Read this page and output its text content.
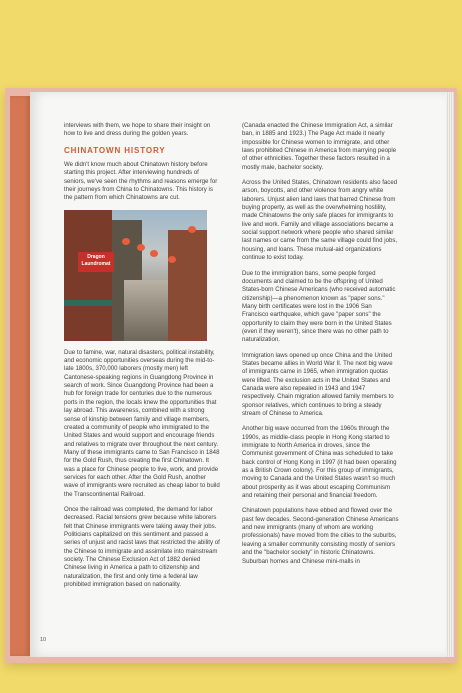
interviews with them, we hope to share their insight on how to live and dress during the golden years.

CHINATOWN HISTORY

We didn't know much about Chinatown history before starting this project. After interviewing hundreds of seniors, we've seen the rhythms and reasons emerge for their journeys from China to Chinatowns. This history is the pattern from which Chinatowns are cut.

Dragon Laundromat

Due to famine, war, natural disasters, political instability, and economic opportunities overseas during the mid-to-late 1800s, 370,000 laborers (mostly men) left Cantonese-speaking regions in Guangdong Province in search of work. Since Guangdong Province had been a hub for foreign trade for centuries due to the numerous ports in the region, the locals knew the opportunities that lay abroad. This awareness, combined with a strong sense of kinship between family and village members, created a community of people who immigrated to the United States and would support and encourage friends and relatives to migrate over throughout the next century. Many of these immigrants came to San Francisco in 1848 for the Gold Rush, thus creating the first Chinatown. It was a place for Chinese people to live, work, and provide services for each other. After the Gold Rush, another wave of immigrants were recruited as cheap labor to build the Transcontinental Railroad.

Once the railroad was completed, the demand for labor decreased. Racial tensions grew because white laborers felt that Chinese immigrants were taking away their jobs. Politicians capitalized on this sentiment and passed a series of unjust and racist laws that restricted the ability of the Chinese to immigrate and assimilate into mainstream society. The Chinese Exclusion Act of 1882 denied Chinese living in America a path to citizenship and naturalization, the first and only time a federal law prohibited immigration based on nationality.

(Canada enacted the Chinese Immigration Act, a similar ban, in 1885 and 1923.) The Page Act made it nearly impossible for Chinese women to immigrate, and other laws prohibited Chinese in America from marrying people of other ethnicities. Together these factors resulted in a mostly male, bachelor society.

Across the United States, Chinatown residents also faced arson, boycotts, and other violence from angry white laborers. Unjust alien land laws that barred Chinese from buying property, as well as the overwhelming hostility, made Chinatowns the only safe places for immigrants to live and work. Family and village associations became a social support network where people who shared similar last names or came from the same village could find jobs, housing, and loans. These mutual-aid organizations continue to exist today.

Due to the immigration bans, some people forged documents and claimed to be the offspring of United States-born Chinese Americans (who received automatic citizenship)—a phenomenon known as "paper sons." Many birth certificates were lost in the 1906 San Francisco earthquake, which gave "paper sons" the opportunity to claim they were born in the United States (even if they weren't), since there was no other path to naturalization.

Immigration laws opened up once China and the United States became allies in World War II. The next big wave of immigrants came in 1965, when immigration quotas were lifted. The exclusion acts in the United States and Canada were also repealed in 1943 and 1947 respectively. Chain migration allowed family members to sponsor relatives, which continues to bring a steady stream of Chinese to America.

Another big wave occurred from the 1960s through the 1990s, as middle-class people in Hong Kong started to immigrate to North America in droves, since the Communist government of China was scheduled to take back control of Hong Kong in 1997 (it had been operating as a British Crown colony). For this group of immigrants, moving to Canada and the United States wasn't so much about prosperity as it was about escaping Communism and retaining their personal and financial freedom.

Chinatown populations have ebbed and flowed over the past few decades. Second-generation Chinese Americans and new immigrants (many of whom are working professionals) have moved from the cities to the suburbs, leaving a smaller community consisting mostly of seniors and the "bachelor society" in historic Chinatowns. Suburban homes and Chinese mini-malls in

10
